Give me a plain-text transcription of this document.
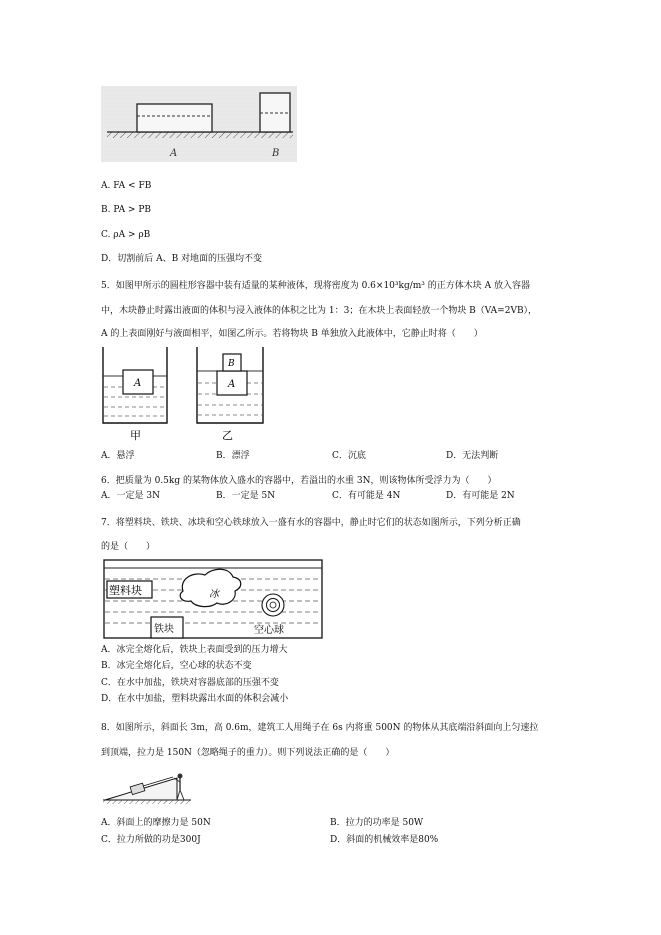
A	B
A. FA < FB
B. PA > PB
C. ρA > ρB
D．切割前后 A、B 对地面的压强均不变
5．如图甲所示的圆柱形容器中装有适量的某种液体，现将密度为 0.6×10³kg/m³ 的正方体木块 A 放入容器
中，木块静止时露出液面的体积与浸入液体的体积之比为 1：3；在木块上表面轻放一个物块 B（VA=2VB），
A 的上表面刚好与液面相平，如图乙所示。若将物块 B 单独放入此液体中，它静止时将（　　）
A
甲
A
B
乙
A．悬浮	B．漂浮	C．沉底	D．无法判断
6．把质量为 0.5kg 的某物体放入盛水的容器中，若溢出的水重 3N，则该物体所受浮力为（　　）
A．一定是 3N	B．一定是 5N	C．有可能是 4N	D．有可能是 2N
7．将塑料块、铁块、冰块和空心铁球放入一盛有水的容器中，静止时它们的状态如图所示，下列分析正确
的是（　　）
塑料块	冰
铁块	空心球
A．冰完全熔化后，铁块上表面受到的压力增大
B．冰完全熔化后，空心球的状态不变
C．在水中加盐，铁块对容器底部的压强不变
D．在水中加盐，塑料块露出水面的体积会减小
8．如图所示，斜面长 3m，高 0.6m，建筑工人用绳子在 6s 内将重 500N 的物体从其底端沿斜面向上匀速拉
到顶端，拉力是 150N（忽略绳子的重力）。则下列说法正确的是（　　）
A．斜面上的摩擦力是 50N	B．拉力的功率是 50W
C．拉力所做的功是300J	D．斜面的机械效率是80%
